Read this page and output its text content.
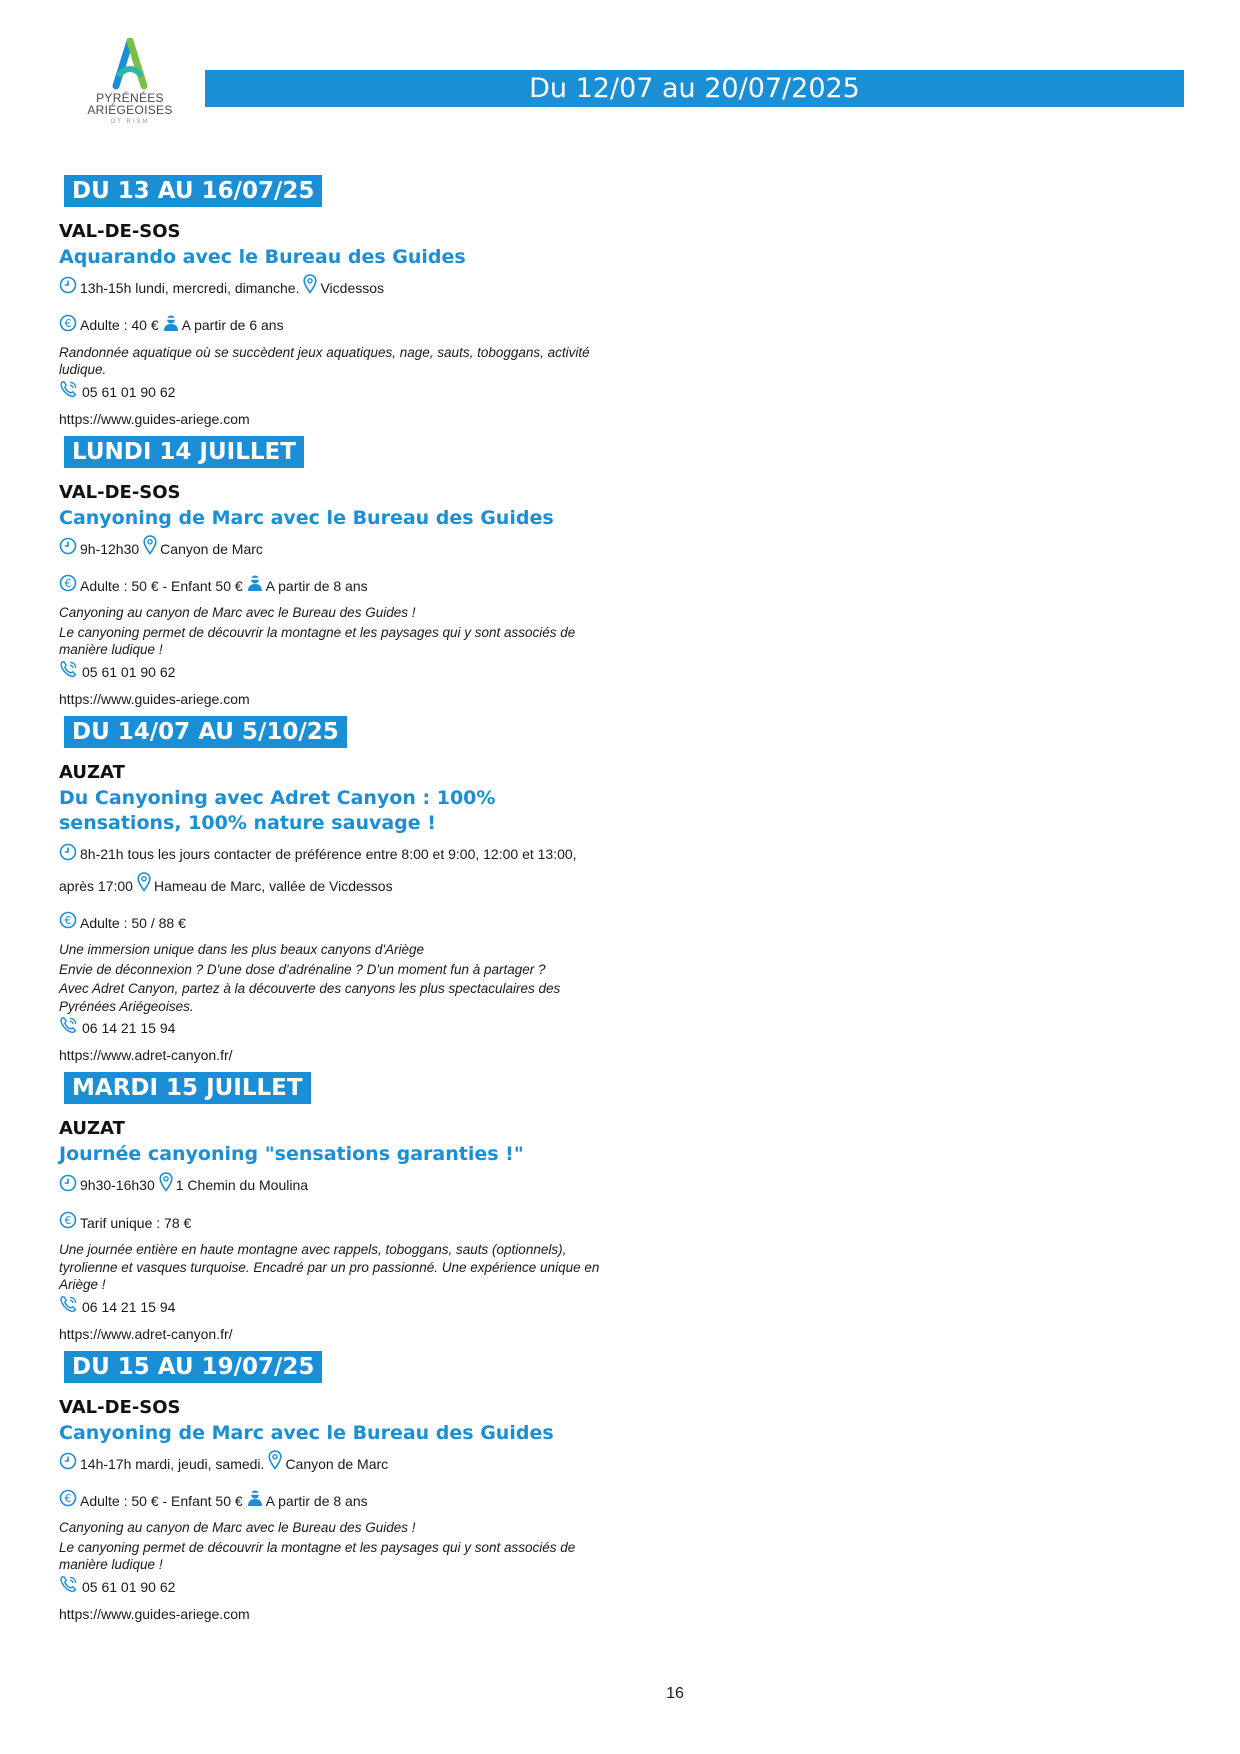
PYRÉNÉES
ARIÉGEOISES
OT RISM
Du 12/07 au 20/07/2025
DU 13 AU 16/07/25
VAL-DE-SOS
Aquarando avec le Bureau des Guides
13h-15h lundi, mercredi, dimanche. Vicdessos
€ Adulte : 40 € A partir de 6 ans
Randonnée aquatique où se succèdent jeux aquatiques, nage, sauts, toboggans, activité ludique.
05 61 01 90 62
https://www.guides-ariege.com
LUNDI 14 JUILLET
VAL-DE-SOS
Canyoning de Marc avec le Bureau des Guides
9h-12h30 Canyon de Marc
€ Adulte : 50 € - Enfant 50 € A partir de 8 ans
Canyoning au canyon de Marc avec le Bureau des Guides !
Le canyoning permet de découvrir la montagne et les paysages qui y sont associés de manière ludique !
05 61 01 90 62
https://www.guides-ariege.com
DU 14/07 AU 5/10/25
AUZAT
Du Canyoning avec Adret Canyon : 100% sensations, 100% nature sauvage !
8h-21h tous les jours contacter de préférence entre 8:00 et 9:00, 12:00 et 13:00,
après 17:00 Hameau de Marc, vallée de Vicdessos
€ Adulte : 50 / 88 €
Une immersion unique dans les plus beaux canyons d'Ariège
Envie de déconnexion ? D'une dose d'adrénaline ? D'un moment fun à partager ?
Avec Adret Canyon, partez à la découverte des canyons les plus spectaculaires des Pyrénées Ariégeoises.
06 14 21 15 94
https://www.adret-canyon.fr/
MARDI 15 JUILLET
AUZAT
Journée canyoning "sensations garanties !"
9h30-16h30 1 Chemin du Moulina
€ Tarif unique : 78 €
Une journée entière en haute montagne avec rappels, toboggans, sauts (optionnels), tyrolienne et vasques turquoise. Encadré par un pro passionné. Une expérience unique en Ariège !
06 14 21 15 94
https://www.adret-canyon.fr/
DU 15 AU 19/07/25
VAL-DE-SOS
Canyoning de Marc avec le Bureau des Guides
14h-17h mardi, jeudi, samedi. Canyon de Marc
€ Adulte : 50 € - Enfant 50 € A partir de 8 ans
Canyoning au canyon de Marc avec le Bureau des Guides !
Le canyoning permet de découvrir la montagne et les paysages qui y sont associés de manière ludique !
05 61 01 90 62
https://www.guides-ariege.com
16
